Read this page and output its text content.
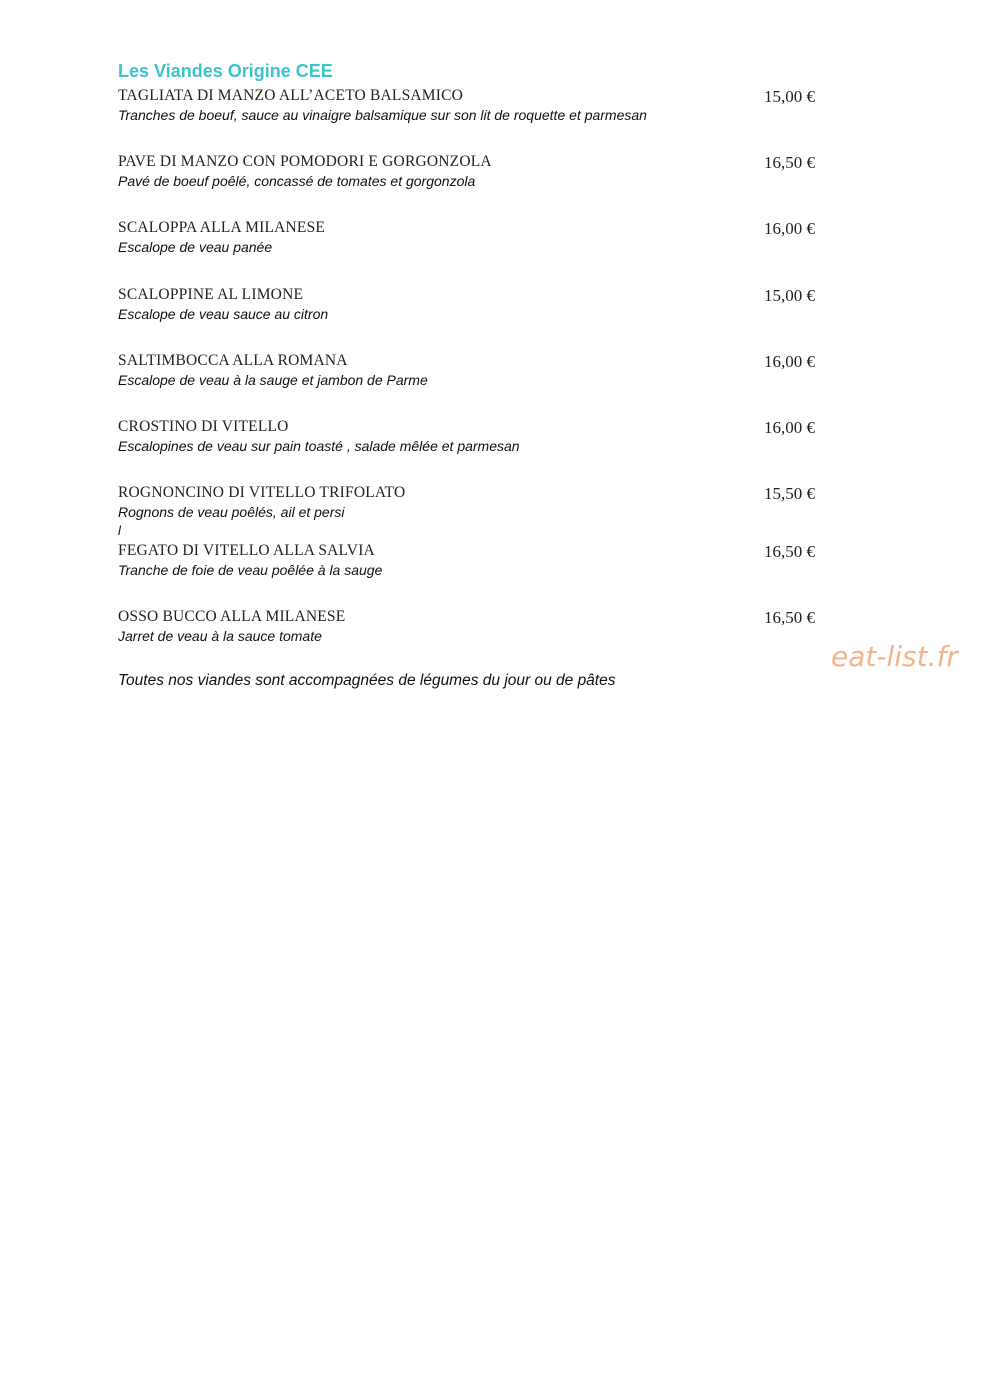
Les Viandes Origine CEE
TAGLIATA DI MANZO ALL’ACETO BALSAMICO	15,00 €
Tranches de boeuf, sauce au vinaigre balsamique sur son lit de roquette et parmesan
PAVE DI MANZO CON POMODORI E GORGONZOLA	16,50 €
Pavé de boeuf poêlé, concassé de tomates et gorgonzola
SCALOPPA ALLA MILANESE	16,00 €
Escalope de veau panée
SCALOPPINE AL LIMONE	15,00 €
Escalope de veau sauce au citron
SALTIMBOCCA ALLA ROMANA	16,00 €
Escalope de veau à la sauge et jambon de Parme
CROSTINO DI VITELLO	16,00 €
Escalopines de veau sur pain toasté , salade mêlée et parmesan
ROGNONCINO DI VITELLO TRIFOLATO	15,50 €
Rognons de veau poêlés, ail et persi
l
FEGATO DI VITELLO ALLA SALVIA	16,50 €
Tranche de foie de veau poêlée à la sauge
OSSO BUCCO ALLA MILANESE	16,50 €
Jarret de veau à la sauce tomate
eat-list.fr
Toutes nos viandes sont accompagnées de légumes du jour ou de pâtes
